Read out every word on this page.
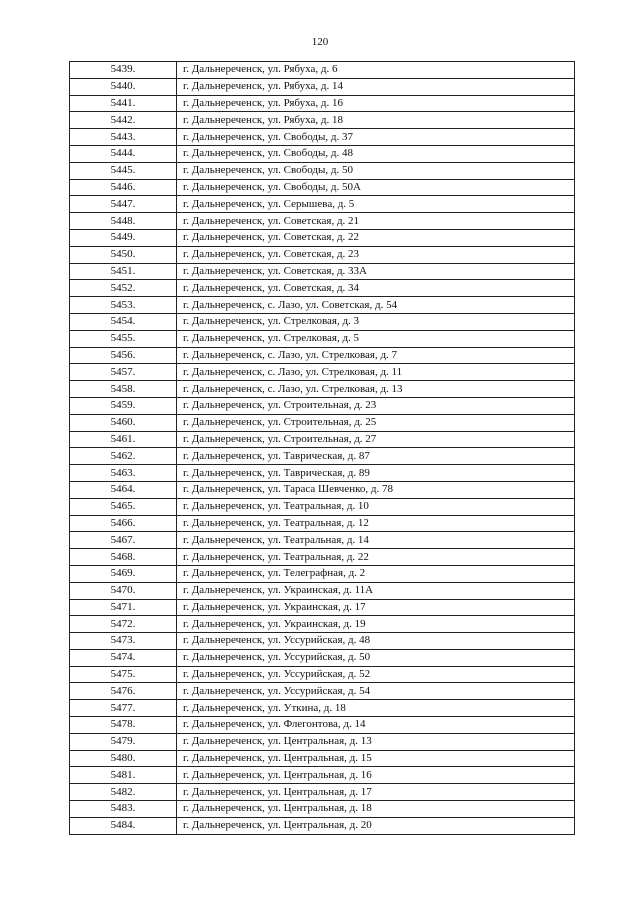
120
5439.	г. Дальнереченск, ул. Рябуха, д. 6
5440.	г. Дальнереченск, ул. Рябуха, д. 14
5441.	г. Дальнереченск, ул. Рябуха, д. 16
5442.	г. Дальнереченск, ул. Рябуха, д. 18
5443.	г. Дальнереченск, ул. Свободы, д. 37
5444.	г. Дальнереченск, ул. Свободы, д. 48
5445.	г. Дальнереченск, ул. Свободы, д. 50
5446.	г. Дальнереченск, ул. Свободы, д. 50А
5447.	г. Дальнереченск, ул. Серышева, д. 5
5448.	г. Дальнереченск, ул. Советская, д. 21
5449.	г. Дальнереченск, ул. Советская, д. 22
5450.	г. Дальнереченск, ул. Советская, д. 23
5451.	г. Дальнереченск, ул. Советская, д. 33А
5452.	г. Дальнереченск, ул. Советская, д. 34
5453.	г. Дальнереченск, с. Лазо, ул. Советская, д. 54
5454.	г. Дальнереченск, ул. Стрелковая, д. 3
5455.	г. Дальнереченск, ул. Стрелковая, д. 5
5456.	г. Дальнереченск, с. Лазо, ул. Стрелковая, д. 7
5457.	г. Дальнереченск, с. Лазо, ул. Стрелковая, д. 11
5458.	г. Дальнереченск, с. Лазо, ул. Стрелковая, д. 13
5459.	г. Дальнереченск, ул. Строительная, д. 23
5460.	г. Дальнереченск, ул. Строительная, д. 25
5461.	г. Дальнереченск, ул. Строительная, д. 27
5462.	г. Дальнереченск, ул. Таврическая, д. 87
5463.	г. Дальнереченск, ул. Таврическая, д. 89
5464.	г. Дальнереченск, ул. Тараса Шевченко, д. 78
5465.	г. Дальнереченск, ул. Театральная, д. 10
5466.	г. Дальнереченск, ул. Театральная, д. 12
5467.	г. Дальнереченск, ул. Театральная, д. 14
5468.	г. Дальнереченск, ул. Театральная, д. 22
5469.	г. Дальнереченск, ул. Телеграфная, д. 2
5470.	г. Дальнереченск, ул. Украинская, д. 11А
5471.	г. Дальнереченск, ул. Украинская, д. 17
5472.	г. Дальнереченск, ул. Украинская, д. 19
5473.	г. Дальнереченск, ул. Уссурийская, д. 48
5474.	г. Дальнереченск, ул. Уссурийская, д. 50
5475.	г. Дальнереченск, ул. Уссурийская, д. 52
5476.	г. Дальнереченск, ул. Уссурийская, д. 54
5477.	г. Дальнереченск, ул. Уткина, д. 18
5478.	г. Дальнереченск, ул. Флегонтова, д. 14
5479.	г. Дальнереченск, ул. Центральная, д. 13
5480.	г. Дальнереченск, ул. Центральная, д. 15
5481.	г. Дальнереченск, ул. Центральная, д. 16
5482.	г. Дальнереченск, ул. Центральная, д. 17
5483.	г. Дальнереченск, ул. Центральная, д. 18
5484.	г. Дальнереченск, ул. Центральная, д. 20
